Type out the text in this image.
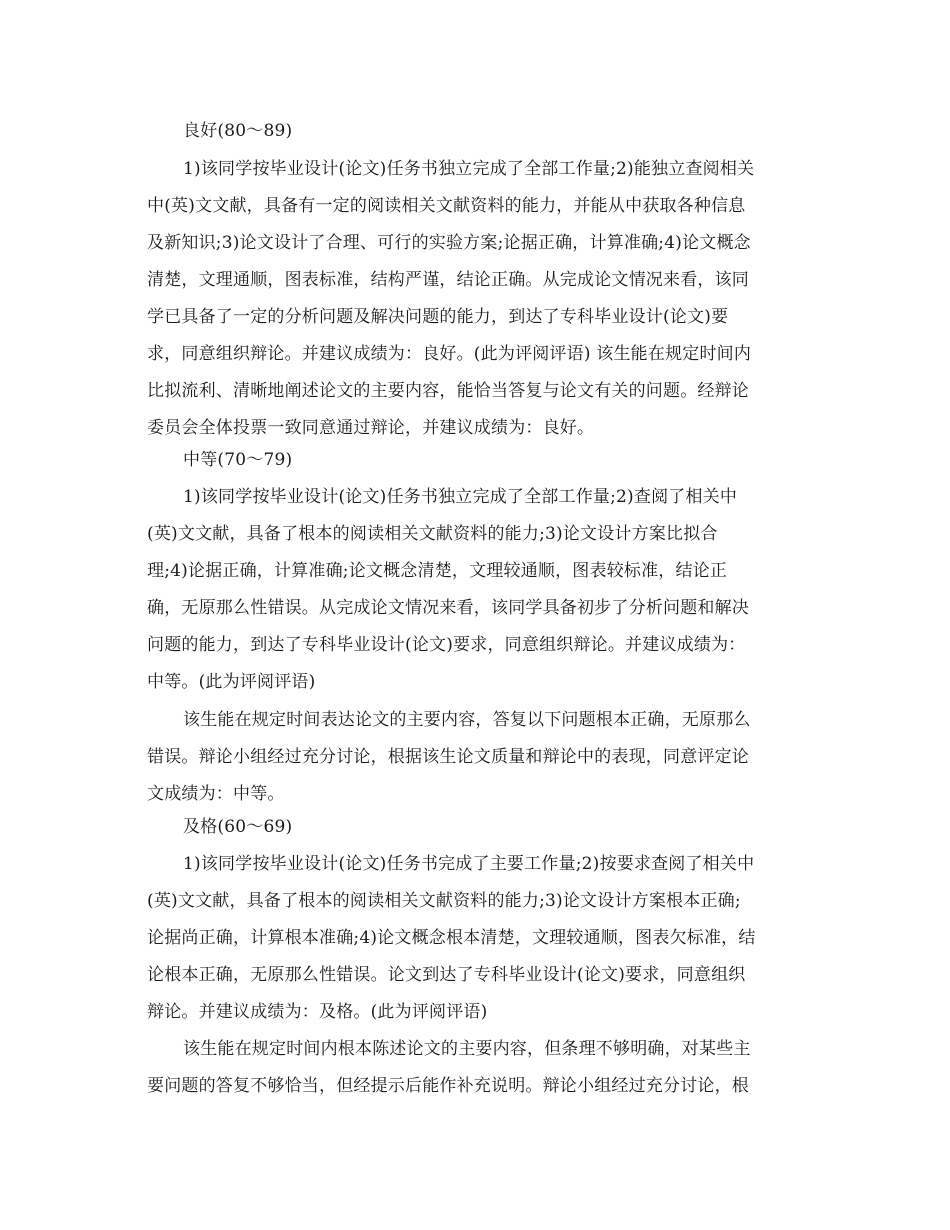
良好(80～89)
1)该同学按毕业设计(论文)任务书独立完成了全部工作量;2)能独立查阅相关
中(英)文文献，具备有一定的阅读相关文献资料的能力，并能从中获取各种信息
及新知识;3)论文设计了合理、可行的实验方案;论据正确，计算准确;4)论文概念
清楚，文理通顺，图表标准，结构严谨，结论正确。从完成论文情况来看，该同
学已具备了一定的分析问题及解决问题的能力，到达了专科毕业设计(论文)要
求，同意组织辩论。并建议成绩为：良好。(此为评阅评语) 该生能在规定时间内
比拟流利、清晰地阐述论文的主要内容，能恰当答复与论文有关的问题。经辩论
委员会全体投票一致同意通过辩论，并建议成绩为：良好。
中等(70～79)
1)该同学按毕业设计(论文)任务书独立完成了全部工作量;2)查阅了相关中
(英)文文献，具备了根本的阅读相关文献资料的能力;3)论文设计方案比拟合
理;4)论据正确，计算准确;论文概念清楚，文理较通顺，图表较标准，结论正
确，无原那么性错误。从完成论文情况来看，该同学具备初步了分析问题和解决
问题的能力，到达了专科毕业设计(论文)要求，同意组织辩论。并建议成绩为：
中等。(此为评阅评语)
该生能在规定时间表达论文的主要内容，答复以下问题根本正确，无原那么
错误。辩论小组经过充分讨论，根据该生论文质量和辩论中的表现，同意评定论
文成绩为：中等。
及格(60～69)
1)该同学按毕业设计(论文)任务书完成了主要工作量;2)按要求查阅了相关中
(英)文文献，具备了根本的阅读相关文献资料的能力;3)论文设计方案根本正确;
论据尚正确，计算根本准确;4)论文概念根本清楚，文理较通顺，图表欠标准，结
论根本正确，无原那么性错误。论文到达了专科毕业设计(论文)要求，同意组织
辩论。并建议成绩为：及格。(此为评阅评语)
该生能在规定时间内根本陈述论文的主要内容，但条理不够明确，对某些主
要问题的答复不够恰当，但经提示后能作补充说明。辩论小组经过充分讨论，根
